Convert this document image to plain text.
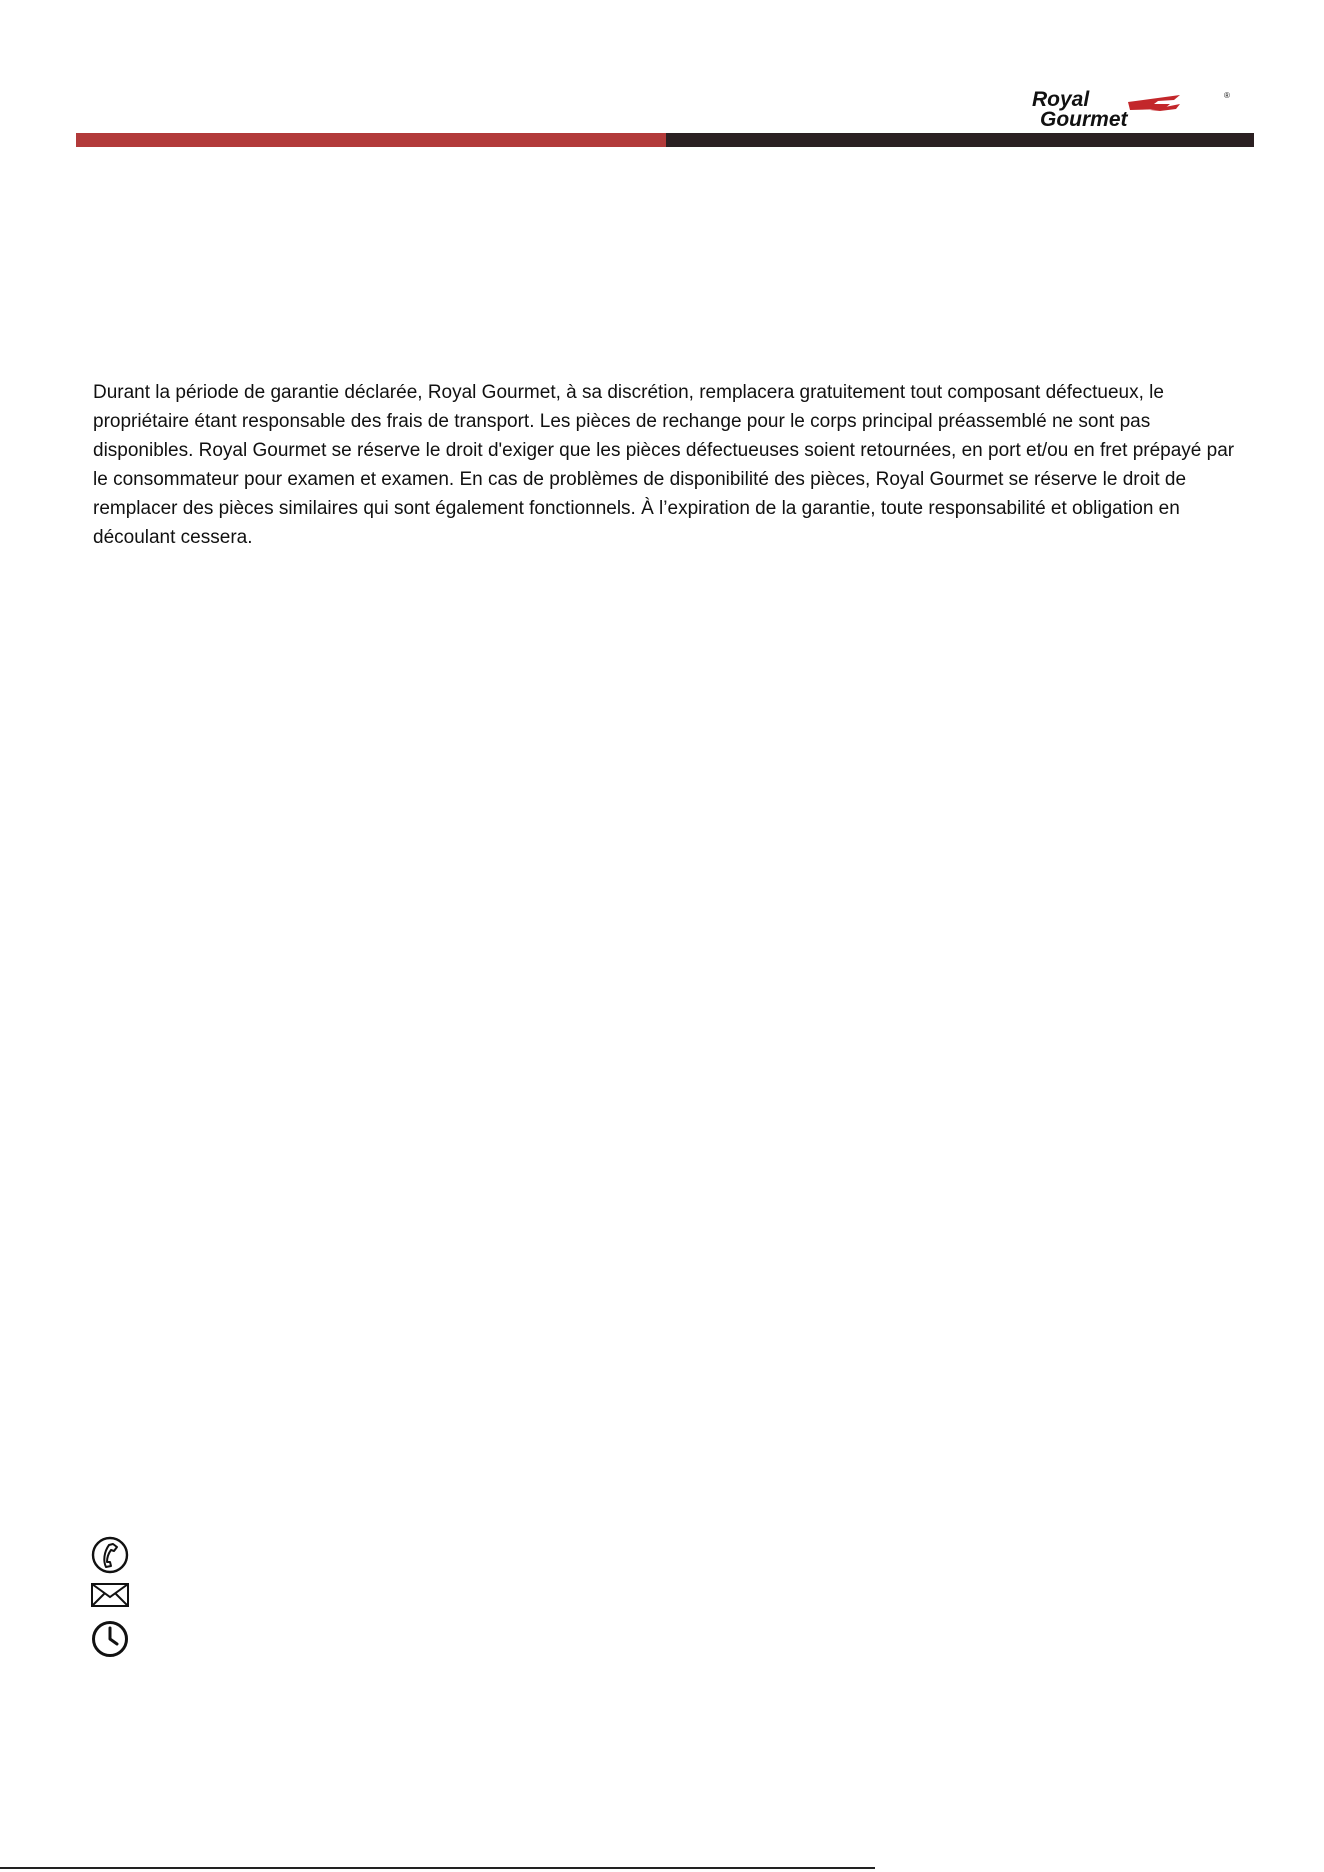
Royal
Gourmet
®

Durant la période de garantie déclarée, Royal Gourmet, à sa discrétion, remplacera gratuitement tout composant défectueux, le propriétaire étant responsable des frais de transport. Les pièces de rechange pour le corps principal préassemblé ne sont pas disponibles. Royal Gourmet se réserve le droit d'exiger que les pièces défectueuses soient retournées, en port et/ou en fret prépayé par le consommateur pour examen et examen. En cas de problèmes de disponibilité des pièces, Royal Gourmet se réserve le droit de remplacer des pièces similaires qui sont également fonctionnels. À l’expiration de la garantie, toute responsabilité et obligation en découlant cessera.
